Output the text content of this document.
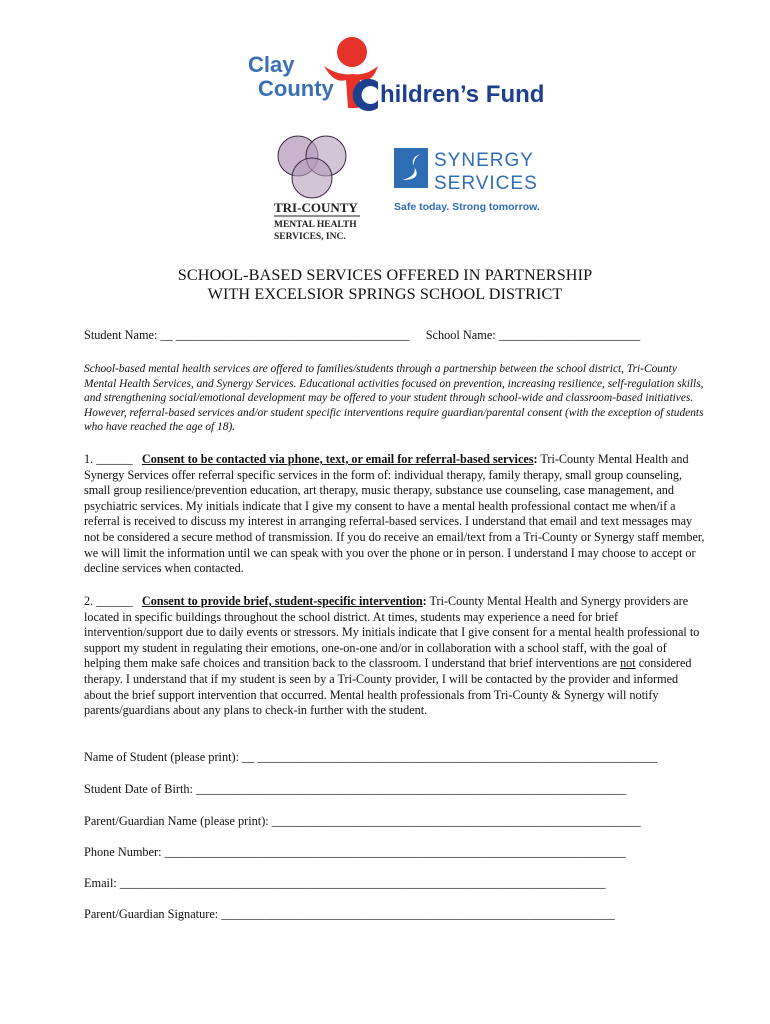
Clay
County hildren’s Fund
TRI-COUNTY
MENTAL HEALTH
SERVICES, INC.
SYNERGY
SERVICES
Safe today. Strong tomorrow.
SCHOOL-BASED SERVICES OFFERED IN PARTNERSHIP
WITH EXCELSIOR SPRINGS SCHOOL DISTRICT
Student Name: __ ______________________________________ School Name: _______________________
School-based mental health services are offered to families/students through a partnership between the school district, Tri-County Mental Health Services, and Synergy Services. Educational activities focused on prevention, increasing resilience, self-regulation skills, and strengthening social/emotional development may be offered to your student through school-wide and classroom-based initiatives. However, referral-based services and/or student specific interventions require guardian/parental consent (with the exception of students who have reached the age of 18).
1. ______ Consent to be contacted via phone, text, or email for referral-based services: Tri-County Mental Health and Synergy Services offer referral specific services in the form of: individual therapy, family therapy, small group counseling, small group resilience/prevention education, art therapy, music therapy, substance use counseling, case management, and psychiatric services. My initials indicate that I give my consent to have a mental health professional contact me when/if a referral is received to discuss my interest in arranging referral-based services. I understand that email and text messages may not be considered a secure method of transmission. If you do receive an email/text from a Tri-County or Synergy staff member, we will limit the information until we can speak with you over the phone or in person. I understand I may choose to accept or decline services when contacted.
2. ______ Consent to provide brief, student-specific intervention: Tri-County Mental Health and Synergy providers are located in specific buildings throughout the school district. At times, students may experience a need for brief intervention/support due to daily events or stressors. My initials indicate that I give consent for a mental health professional to support my student in regulating their emotions, one-on-one and/or in collaboration with a school staff, with the goal of helping them make safe choices and transition back to the classroom. I understand that brief interventions are not considered therapy. I understand that if my student is seen by a Tri-County provider, I will be contacted by the provider and informed about the brief support intervention that occurred. Mental health professionals from Tri-County & Synergy will notify parents/guardians about any plans to check-in further with the student.
Name of Student (please print): __ _________________________________________________________________
Student Date of Birth: ______________________________________________________________________
Parent/Guardian Name (please print): ____________________________________________________________
Phone Number: ___________________________________________________________________________
Email: _______________________________________________________________________________
Parent/Guardian Signature: ________________________________________________________________
